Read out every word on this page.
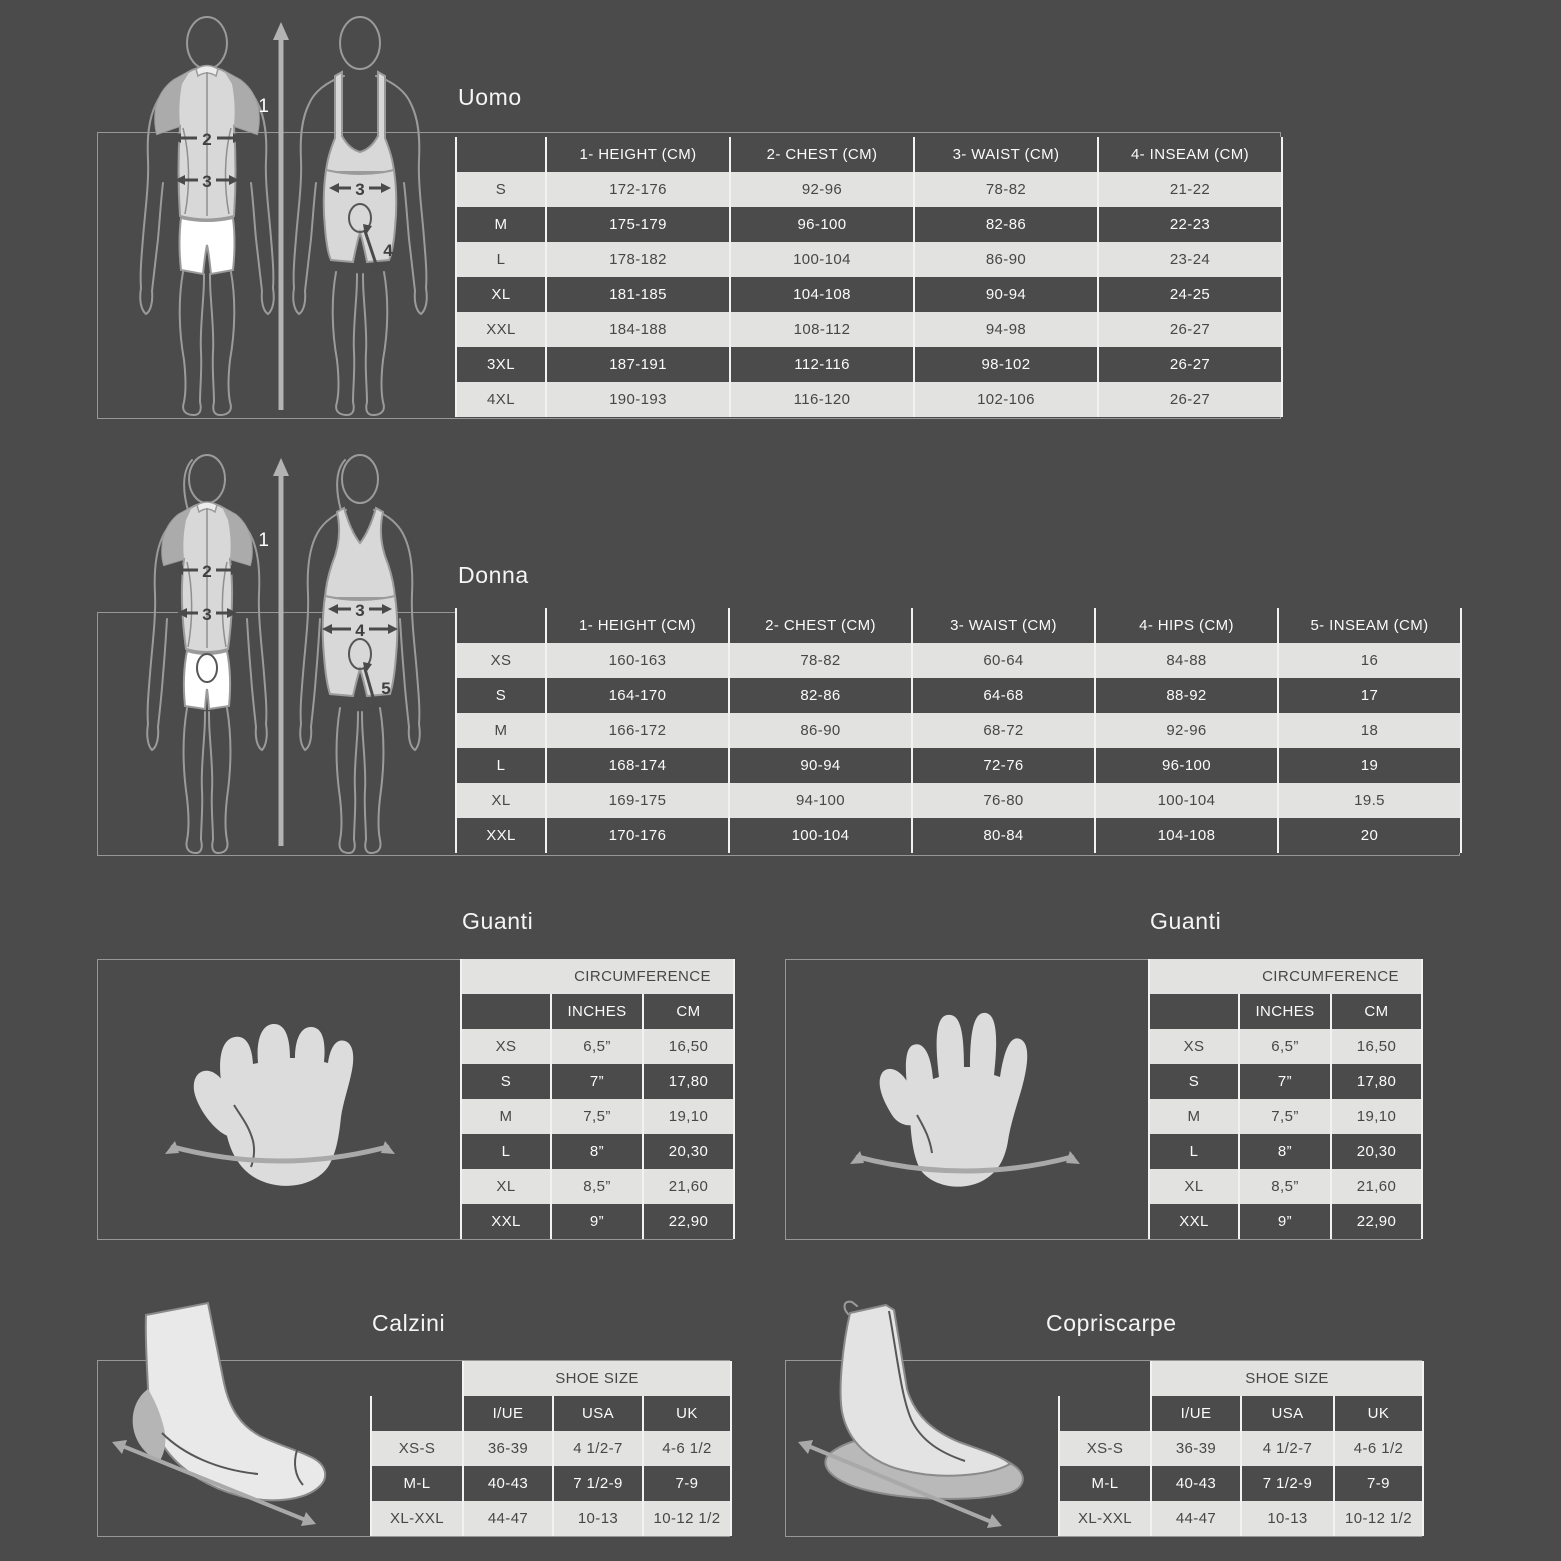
Uomo
2
3	3
4
1
1- HEIGHT (CM)	2- CHEST (CM)	3- WAIST (CM)	4- INSEAM (CM)
S	172-176	92-96	78-82	21-22
M	175-179	96-100	82-86	22-23
L	178-182	100-104	86-90	23-24
XL	181-185	104-108	90-94	24-25
XXL	184-188	108-112	94-98	26-27
3XL	187-191	112-116	98-102	26-27
4XL	190-193	116-120	102-106	26-27
Donna
2
3	3
4
5
1
1- HEIGHT (CM)	2- CHEST (CM)	3- WAIST (CM)	4- HIPS (CM)	5- INSEAM (CM)
XS	160-163	78-82	60-64	84-88	16
S	164-170	82-86	64-68	88-92	17
M	166-172	86-90	68-72	92-96	18
L	168-174	90-94	72-76	96-100	19
XL	169-175	94-100	76-80	100-104	19.5
XXL	170-176	100-104	80-84	104-108	20
Guanti
CIRCUMFERENCE
INCHES	CM
XS	6,5”	16,50
S	7”	17,80
M	7,5”	19,10
L	8”	20,30
XL	8,5”	21,60
XXL	9”	22,90
Guanti
CIRCUMFERENCE
INCHES	CM
XS	6,5”	16,50
S	7”	17,80
M	7,5”	19,10
L	8”	20,30
XL	8,5”	21,60
XXL	9”	22,90
Calzini
SHOE SIZE
I/UE	USA	UK
XS-S	36-39	4 1/2-7	4-6 1/2
M-L	40-43	7 1/2-9	7-9
XL-XXL	44-47	10-13	10-12 1/2
Copriscarpe
SHOE SIZE
I/UE	USA	UK
XS-S	36-39	4 1/2-7	4-6 1/2
M-L	40-43	7 1/2-9	7-9
XL-XXL	44-47	10-13	10-12 1/2
